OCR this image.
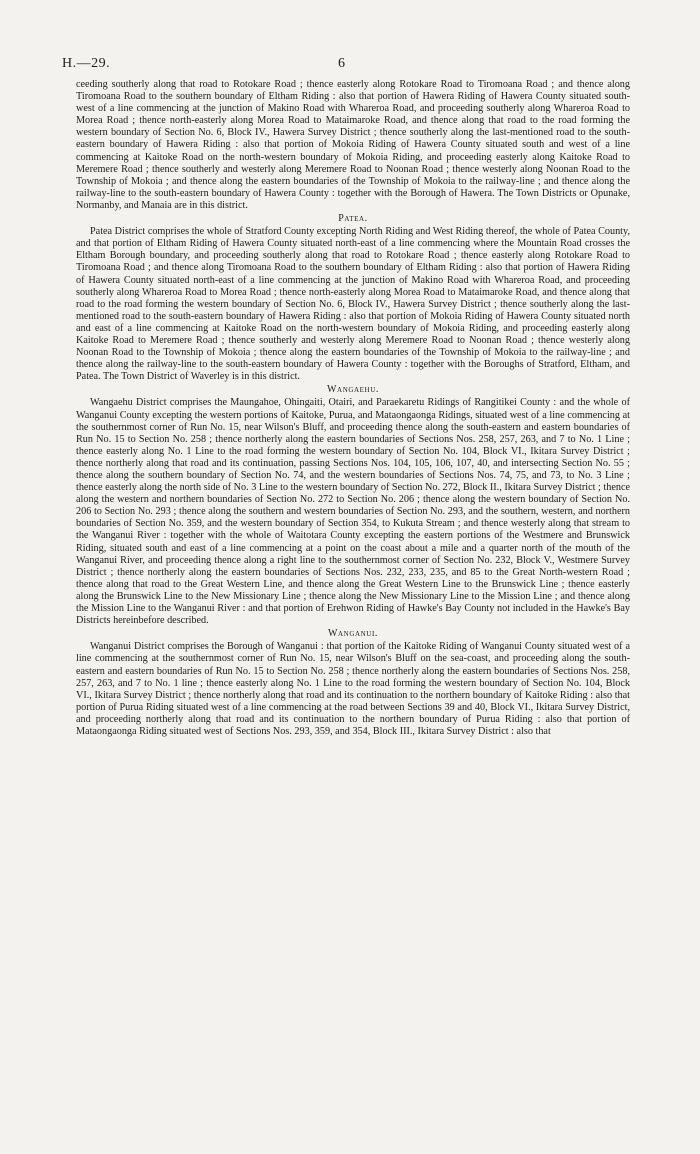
H.—29.	6

ceeding southerly along that road to Rotokare Road ; thence easterly along Rotokare Road to Tiromoana Road ; and thence along Tiromoana Road to the southern boundary of Eltham Riding : also that portion of Hawera Riding of Hawera County situated south-west of a line commencing at the junction of Makino Road with Whareroa Road, and proceeding southerly along Whareroa Road to Morea Road ; thence north-easterly along Morea Road to Mataimaroke Road, and thence along that road to the road forming the western boundary of Section No. 6, Block IV., Hawera Survey District ; thence southerly along the last-mentioned road to the south-eastern boundary of Hawera Riding : also that portion of Mokoia Riding of Hawera County situated south and west of a line commencing at Kaitoke Road on the north-western boundary of Mokoia Riding, and proceeding easterly along Kaitoke Road to Meremere Road ; thence southerly and westerly along Meremere Road to Noonan Road ; thence westerly along Noonan Road to the Township of Mokoia ; and thence along the eastern boundaries of the Township of Mokoia to the railway-line ; and thence along the railway-line to the south-eastern boundary of Hawera County : together with the Borough of Hawera. The Town Districts or Opunake, Normanby, and Manaia are in this district.

Patea.

Patea District comprises the whole of Stratford County excepting North Riding and West Riding thereof, the whole of Patea County, and that portion of Eltham Riding of Hawera County situated north-east of a line commencing where the Mountain Road crosses the Eltham Borough boundary, and proceeding southerly along that road to Rotokare Road ; thence easterly along Rotokare Road to Tiromoana Road ; and thence along Tiromoana Road to the southern boundary of Eltham Riding : also that portion of Hawera Riding of Hawera County situated north-east of a line commencing at the junction of Makino Road with Whareroa Road, and proceeding southerly along Whareroa Road to Morea Road ; thence north-easterly along Morea Road to Mataimaroke Road, and thence along that road to the road forming the western boundary of Section No. 6, Block IV., Hawera Survey District ; thence southerly along the last-mentioned road to the south-eastern boundary of Hawera Riding : also that portion of Mokoia Riding of Hawera County situated north and east of a line commencing at Kaitoke Road on the north-western boundary of Mokoia Riding, and proceeding easterly along Kaitoke Road to Meremere Road ; thence southerly and westerly along Meremere Road to Noonan Road ; thence westerly along Noonan Road to the Township of Mokoia ; thence along the eastern boundaries of the Township of Mokoia to the railway-line ; and thence along the railway-line to the south-eastern boundary of Hawera County : together with the Boroughs of Stratford, Eltham, and Patea. The Town District of Waverley is in this district.

Wangaehu.

Wangaehu District comprises the Maungahoe, Ohingaiti, Otairi, and Paraekaretu Ridings of Rangitikei County : and the whole of Wanganui County excepting the western portions of Kaitoke, Purua, and Mataongaonga Ridings, situated west of a line commencing at the southernmost corner of Run No. 15, near Wilson's Bluff, and proceeding thence along the south-eastern and eastern boundaries of Run No. 15 to Section No. 258 ; thence northerly along the eastern boundaries of Sections Nos. 258, 257, 263, and 7 to No. 1 Line ; thence easterly along No. 1 Line to the road forming the western boundary of Section No. 104, Block VI., Ikitara Survey District ; thence northerly along that road and its continuation, passing Sections Nos. 104, 105, 106, 107, 40, and intersecting Section No. 55 ; thence along the southern boundary of Section No. 74, and the western boundaries of Sections Nos. 74, 75, and 73, to No. 3 Line ; thence easterly along the north side of No. 3 Line to the western boundary of Section No. 272, Block II., Ikitara Survey District ; thence along the western and northern boundaries of Section No. 272 to Section No. 206 ; thence along the western boundary of Section No. 206 to Section No. 293 ; thence along the southern and western boundaries of Section No. 293, and the southern, western, and northern boundaries of Section No. 359, and the western boundary of Section 354, to Kukuta Stream ; and thence westerly along that stream to the Wanganui River : together with the whole of Waitotara County excepting the eastern portions of the Westmere and Brunswick Riding, situated south and east of a line commencing at a point on the coast about a mile and a quarter north of the mouth of the Wanganui River, and proceeding thence along a right line to the southernmost corner of Section No. 232, Block V., Westmere Survey District ; thence northerly along the eastern boundaries of Sections Nos. 232, 233, 235, and 85 to the Great North-western Road ; thence along that road to the Great Western Line, and thence along the Great Western Line to the Brunswick Line ; thence easterly along the Brunswick Line to the New Missionary Line ; thence along the New Missionary Line to the Mission Line ; and thence along the Mission Line to the Wanganui River : and that portion of Erehwon Riding of Hawke's Bay County not included in the Hawke's Bay Districts hereinbefore described.

Wanganui.

Wanganui District comprises the Borough of Wanganui : that portion of the Kaitoke Riding of Wanganui County situated west of a line commencing at the southernmost corner of Run No. 15, near Wilson's Bluff on the sea-coast, and proceeding along the south-eastern and eastern boundaries of Run No. 15 to Section No. 258 ; thence northerly along the eastern boundaries of Sections Nos. 258, 257, 263, and 7 to No. 1 line ; thence easterly along No. 1 Line to the road forming the western boundary of Section No. 104, Block VI., Ikitara Survey District ; thence northerly along that road and its continuation to the northern boundary of Kaitoke Riding : also that portion of Purua Riding situated west of a line commencing at the road between Sections 39 and 40, Block VI., Ikitara Survey District, and proceeding northerly along that road and its continuation to the northern boundary of Purua Riding : also that portion of Mataongaonga Riding situated west of Sections Nos. 293, 359, and 354, Block III., Ikitara Survey District : also that
